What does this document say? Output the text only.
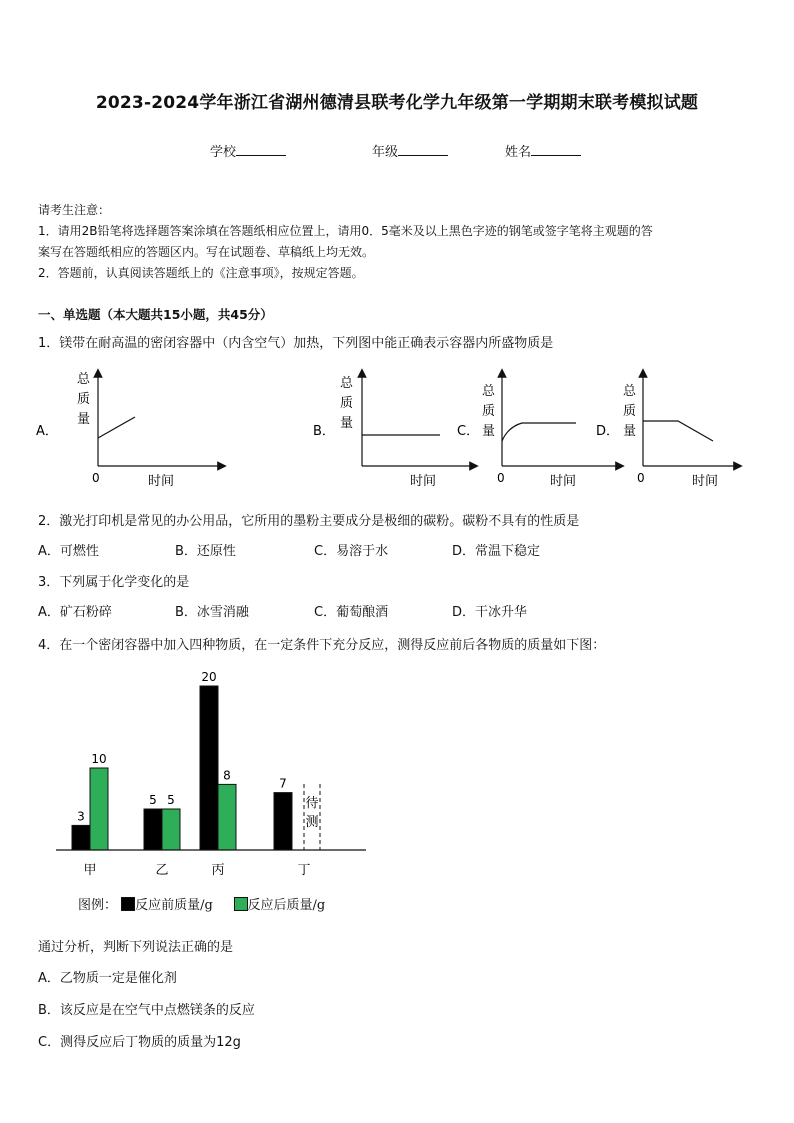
2023-2024学年浙江省湖州德清县联考化学九年级第一学期期末联考模拟试题
学校	年级	姓名
请考生注意：
1．请用2B铅笔将选择题答案涂填在答题纸相应位置上，请用0．5毫米及以上黑色字迹的钢笔或签字笔将主观题的答
案写在答题纸相应的答题区内。写在试题卷、草稿纸上均无效。
2．答题前，认真阅读答题纸上的《注意事项》，按规定答题。
一、单选题（本大题共15小题，共45分）
1．镁带在耐高温的密闭容器中（内含空气）加热，下列图中能正确表示容器内所盛物质是
A．
总
质
量
0	时间
B．
总
质
量
时间
C．
总
质
量
0	时间
D．
总
质
量
0	时间
2．激光打印机是常见的办公用品，它所用的墨粉主要成分是极细的碳粉。碳粉不具有的性质是
A．可燃性	B．还原性	C．易溶于水	D．常温下稳定
3．下列属于化学变化的是
A．矿石粉碎	B．冰雪消融	C．葡萄酿酒	D．干冰升华
4．在一个密闭容器中加入四种物质，在一定条件下充分反应，测得反应前后各物质的质量如下图：
3
10
5 5
20
8
7
待
测
甲	乙	丙	丁
图例： 反应前质量/g	反应后质量/g
通过分析，判断下列说法正确的是
A．乙物质一定是催化剂
B．该反应是在空气中点燃镁条的反应
C．测得反应后丁物质的质量为12g
